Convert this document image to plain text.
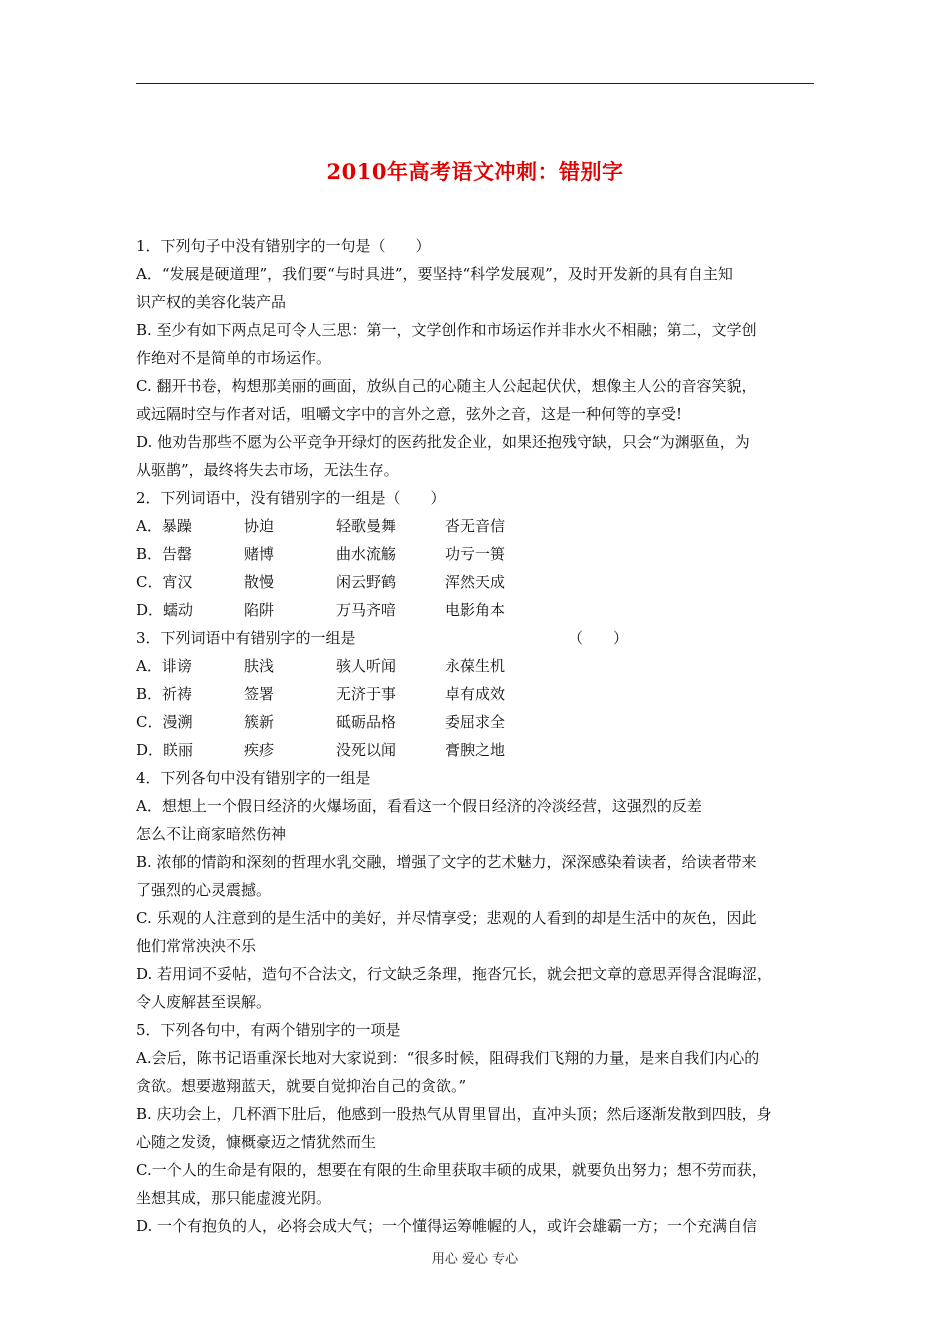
2010年高考语文冲刺：错别字
1．下列句子中没有错别字的一句是（　　）
A．“发展是硬道理”，我们要“与时具进”，要坚持“科学发展观”，及时开发新的具有自主知
识产权的美容化装产品
B. 至少有如下两点足可令人三思：第一，文学创作和市场运作并非水火不相融；第二，文学创
作绝对不是简单的市场运作。
C. 翻开书卷，构想那美丽的画面，放纵自己的心随主人公起起伏伏，想像主人公的音容笑貌，
或远隔时空与作者对话，咀嚼文字中的言外之意，弦外之音，这是一种何等的享受!
D. 他劝告那些不愿为公平竞争开绿灯的医药批发企业，如果还抱残守缺，只会“为渊驱鱼，为
从驱鹊”，最终将失去市场，无法生存。
2．下列词语中，没有错别字的一组是（　　）
A．暴躁	协迫	轻歌曼舞	沓无音信
B．告罄	赌博	曲水流觞	功亏一篑
C．宵汉	散慢	闲云野鹤	浑然天成
D．蠕动	陷阱	万马齐喑	电影角本
3．下列词语中有错别字的一组是	（　　）
A．诽谤	肤浅	骇人听闻	永葆生机
B．祈祷	签署	无济于事	卓有成效
C．漫溯	簇新	砥砺品格	委屈求全
D．眹丽	疾疹	没死以闻	膏腴之地
4．下列各句中没有错别字的一组是
A．想想上一个假日经济的火爆场面，看看这一个假日经济的冷淡经营，这强烈的反差
怎么不让商家暗然伤神
B. 浓郁的情韵和深刻的哲理水乳交融，增强了文字的艺术魅力，深深感染着读者，给读者带来
了强烈的心灵震撼。
C. 乐观的人注意到的是生活中的美好，并尽情享受；悲观的人看到的却是生活中的灰色，因此
他们常常泱泱不乐
D. 若用词不妥帖，造句不合法文，行文缺乏条理，拖沓冗长，就会把文章的意思弄得含混晦涩，
令人废解甚至误解。
5．下列各句中，有两个错别字的一项是
A.会后，陈书记语重深长地对大家说到：“很多时候，阻碍我们飞翔的力量，是来自我们内心的
贪欲。想要遨翔蓝天，就要自觉抑治自己的贪欲。”
B. 庆功会上，几杯酒下肚后，他感到一股热气从胃里冒出，直冲头顶；然后逐渐发散到四肢，身
心随之发烫，慷概豪迈之情犹然而生
C.一个人的生命是有限的，想要在有限的生命里获取丰硕的成果，就要负出努力；想不劳而获，
坐想其成，那只能虚渡光阴。
D. 一个有抱负的人，必将会成大气；一个懂得运筹帷幄的人，或许会雄霸一方；一个充满自信
用心 爱心 专心
